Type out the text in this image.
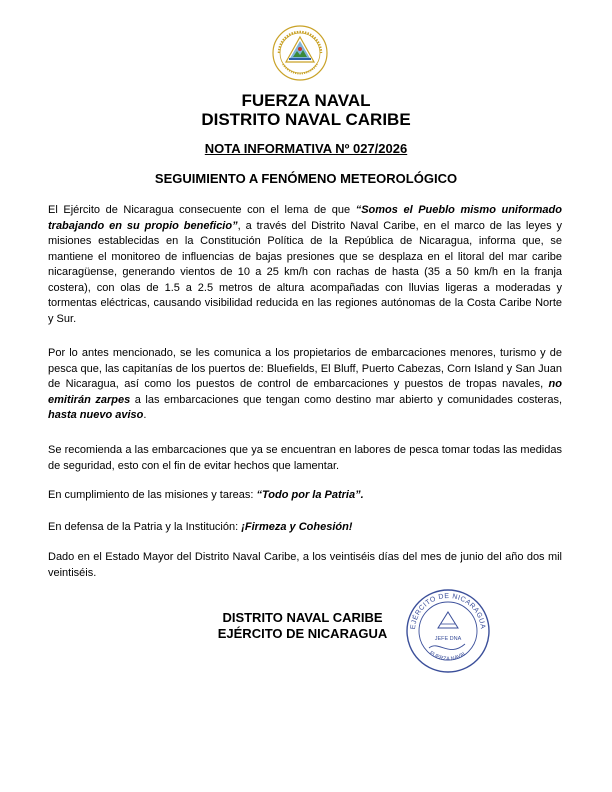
FUERZA NAVAL
DISTRITO NAVAL CARIBE
NOTA INFORMATIVA Nº 027/2026
SEGUIMIENTO A FENÓMENO METEOROLÓGICO

El Ejército de Nicaragua consecuente con el lema de que “Somos el Pueblo mismo uniformado trabajando en su propio beneficio”, a través del Distrito Naval Caribe, en el marco de las leyes y misiones establecidas en la Constitución Política de la República de Nicaragua, informa que, se mantiene el monitoreo de influencias de bajas presiones que se desplaza en el litoral del mar caribe nicaragüense, generando vientos de 10 a 25 km/h con rachas de hasta (35 a 50 km/h en la franja costera), con olas de 1.5 a 2.5 metros de altura acompañadas con lluvias ligeras a moderadas y tormentas eléctricas, causando visibilidad reducida en las regiones autónomas de la Costa Caribe Norte y Sur.

Por lo antes mencionado, se les comunica a los propietarios de embarcaciones menores, turismo y de pesca que, las capitanías de los puertos de: Bluefields, El Bluff, Puerto Cabezas, Corn Island y San Juan de Nicaragua, así como los puestos de control de embarcaciones y puestos de tropas navales, no emitirán zarpes a las embarcaciones que tengan como destino mar abierto y comunidades costeras, hasta nuevo aviso.

Se recomienda a las embarcaciones que ya se encuentran en labores de pesca tomar todas las medidas de seguridad, esto con el fin de evitar hechos que lamentar.

En cumplimiento de las misiones y tareas: “Todo por la Patria”.

En defensa de la Patria y la Institución: ¡Firmeza y Cohesión!

Dado en el Estado Mayor del Distrito Naval Caribe, a los veintiséis días del mes de junio del año dos mil veintiséis.

DISTRITO NAVAL CARIBE
EJÉRCITO DE NICARAGUA	EJÉRCITO DE NICARAGUA
JEFE DNA
FUERZA NAVAL
